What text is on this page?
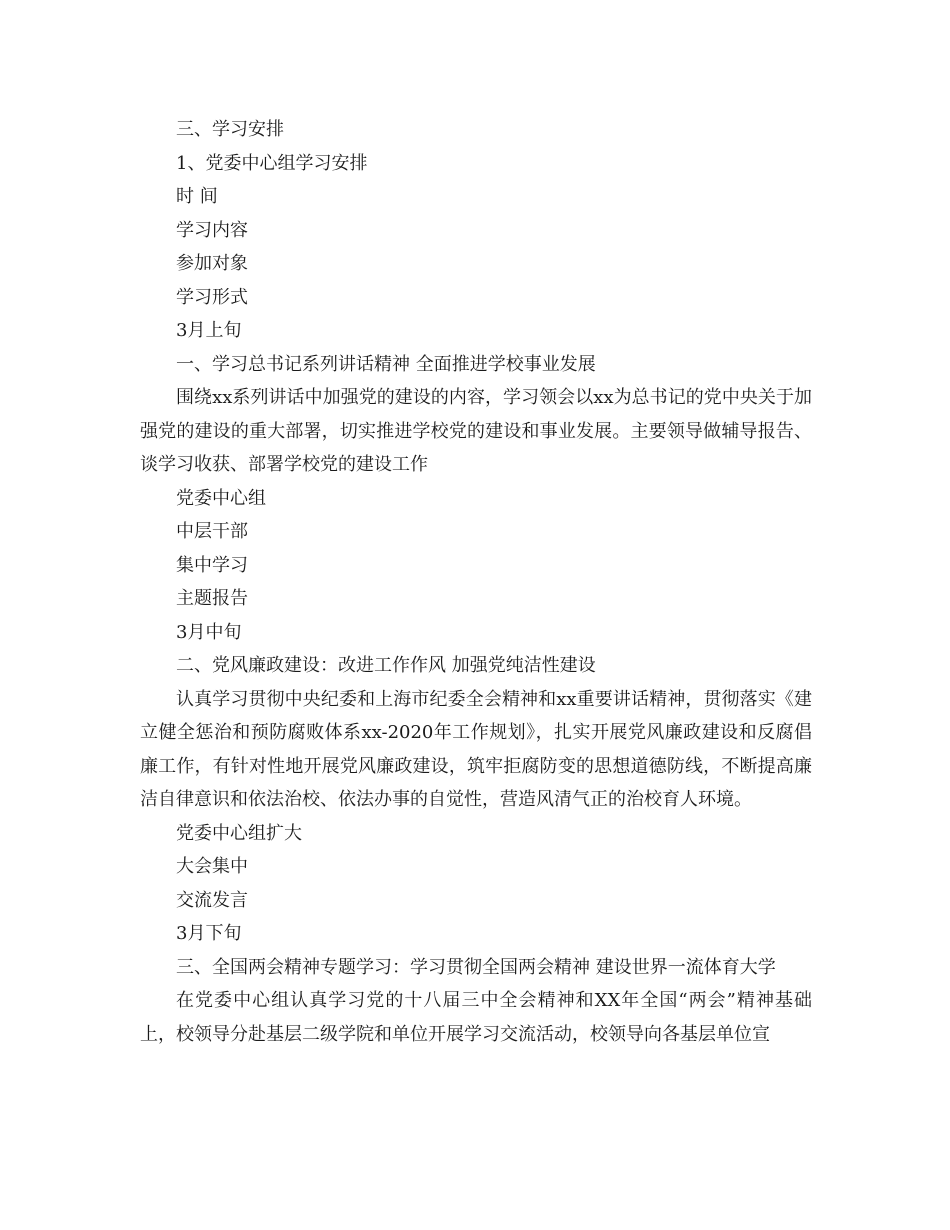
三、学习安排

1、党委中心组学习安排

时 间

学习内容

参加对象

学习形式

3月上旬

一、学习总书记系列讲话精神 全面推进学校事业发展

围绕xx系列讲话中加强党的建设的内容，学习领会以xx为总书记的党中央关于加强党的建设的重大部署，切实推进学校党的建设和事业发展。主要领导做辅导报告、谈学习收获、部署学校党的建设工作

党委中心组

中层干部

集中学习

主题报告

3月中旬

二、党风廉政建设：改进工作作风 加强党纯洁性建设

认真学习贯彻中央纪委和上海市纪委全会精神和xx重要讲话精神，贯彻落实《建立健全惩治和预防腐败体系xx-2020年工作规划》，扎实开展党风廉政建设和反腐倡廉工作，有针对性地开展党风廉政建设，筑牢拒腐防变的思想道德防线，不断提高廉洁自律意识和依法治校、依法办事的自觉性，营造风清气正的治校育人环境。

党委中心组扩大

大会集中

交流发言

3月下旬

三、全国两会精神专题学习：学习贯彻全国两会精神 建设世界一流体育大学

在党委中心组认真学习党的十八届三中全会精神和XX年全国“两会”精神基础上，校领导分赴基层二级学院和单位开展学习交流活动，校领导向各基层单位宣
